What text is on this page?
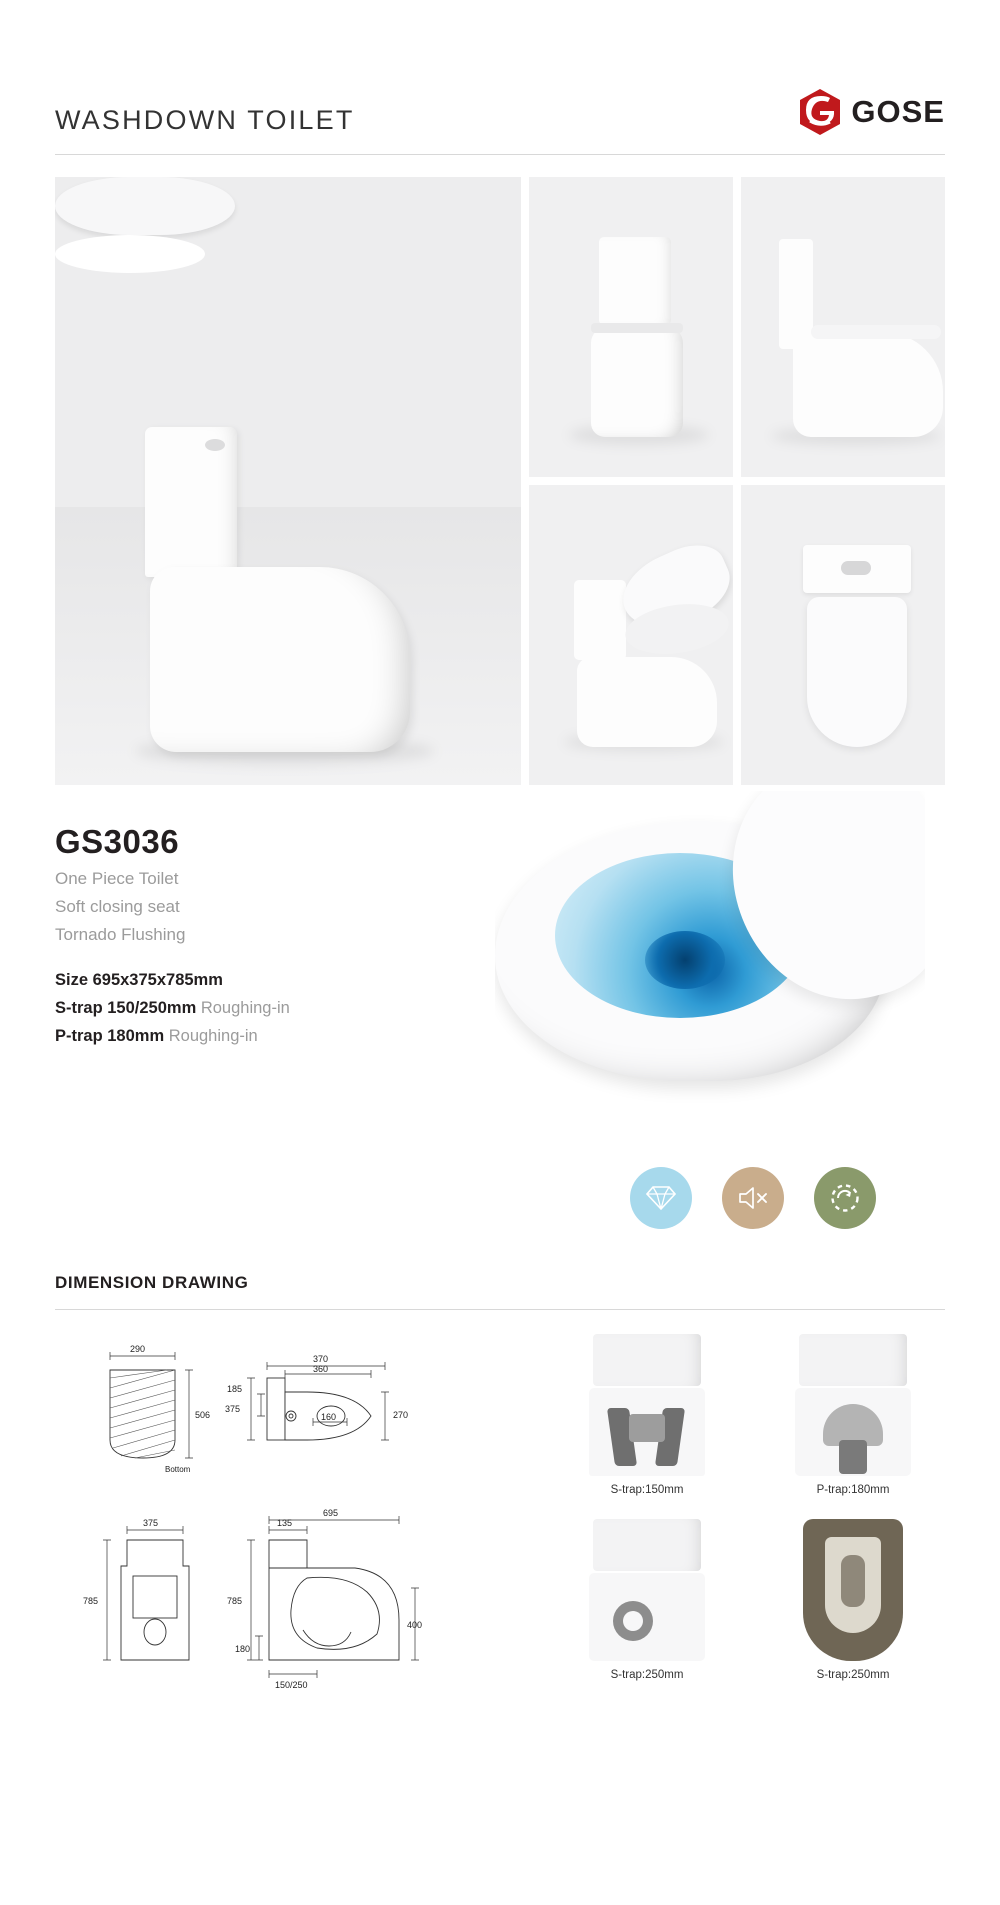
WASHDOWN TOILET	GOSE
GS3036
One Piece Toilet
Soft closing seat
Tornado Flushing
Size 695x375x785mm
S-trap 150/250mm Roughing-in
P-trap 180mm Roughing-in
DIMENSION DRAWING
290
506
Bottom
370
360
185
375
160	270
375
785
135
695
785
180
400
150/250
S-trap:150mm	P-trap:180mm
S-trap:250mm	S-trap:250mm
